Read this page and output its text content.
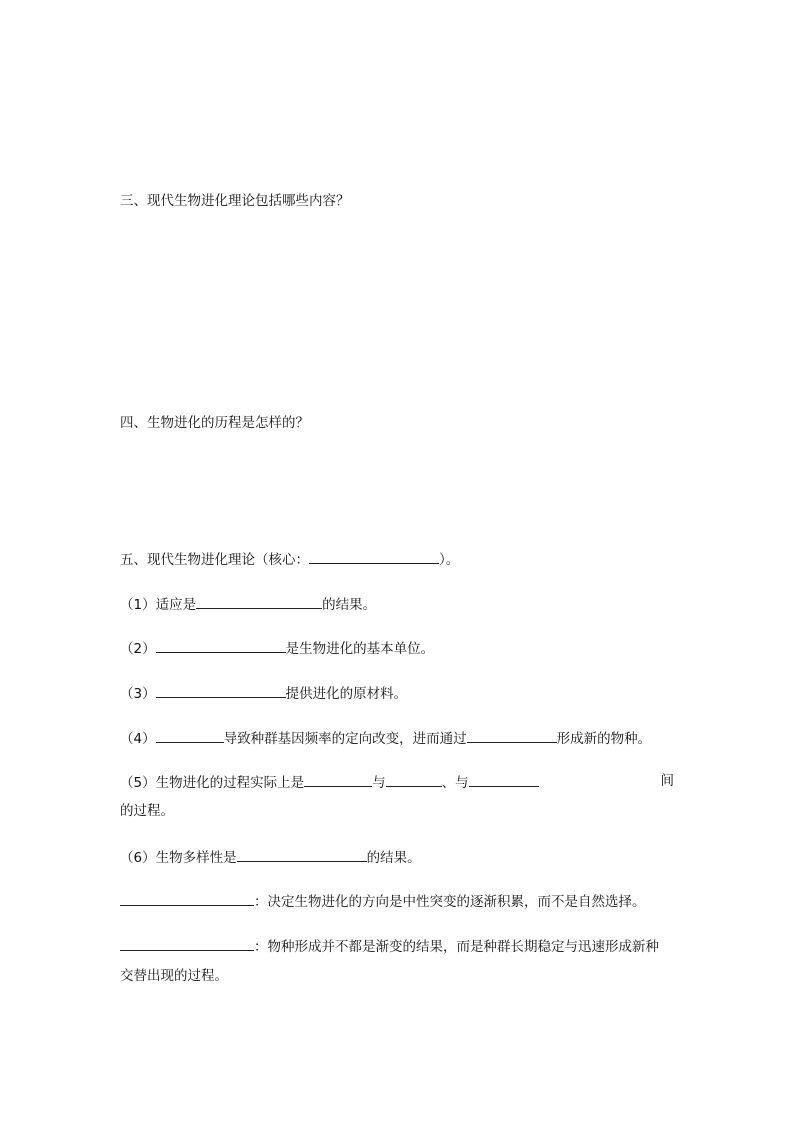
三、现代生物进化理论包括哪些内容？
四、生物进化的历程是怎样的？
五、现代生物进化理论（核心：	）。
（1）适应是	的结果。
（2）	是生物进化的基本单位。
（3）	提供进化的原材料。
（4）	导致种群基因频率的定向改变，进而通过	形成新的物种。
（5）生物进化的过程实际上是	与	、与	间
的过程。
（6）生物多样性是	的结果。
：决定生物进化的方向是中性突变的逐渐积累，而不是自然选择。
：物种形成并不都是渐变的结果，而是种群长期稳定与迅速形成新种
交替出现的过程。
